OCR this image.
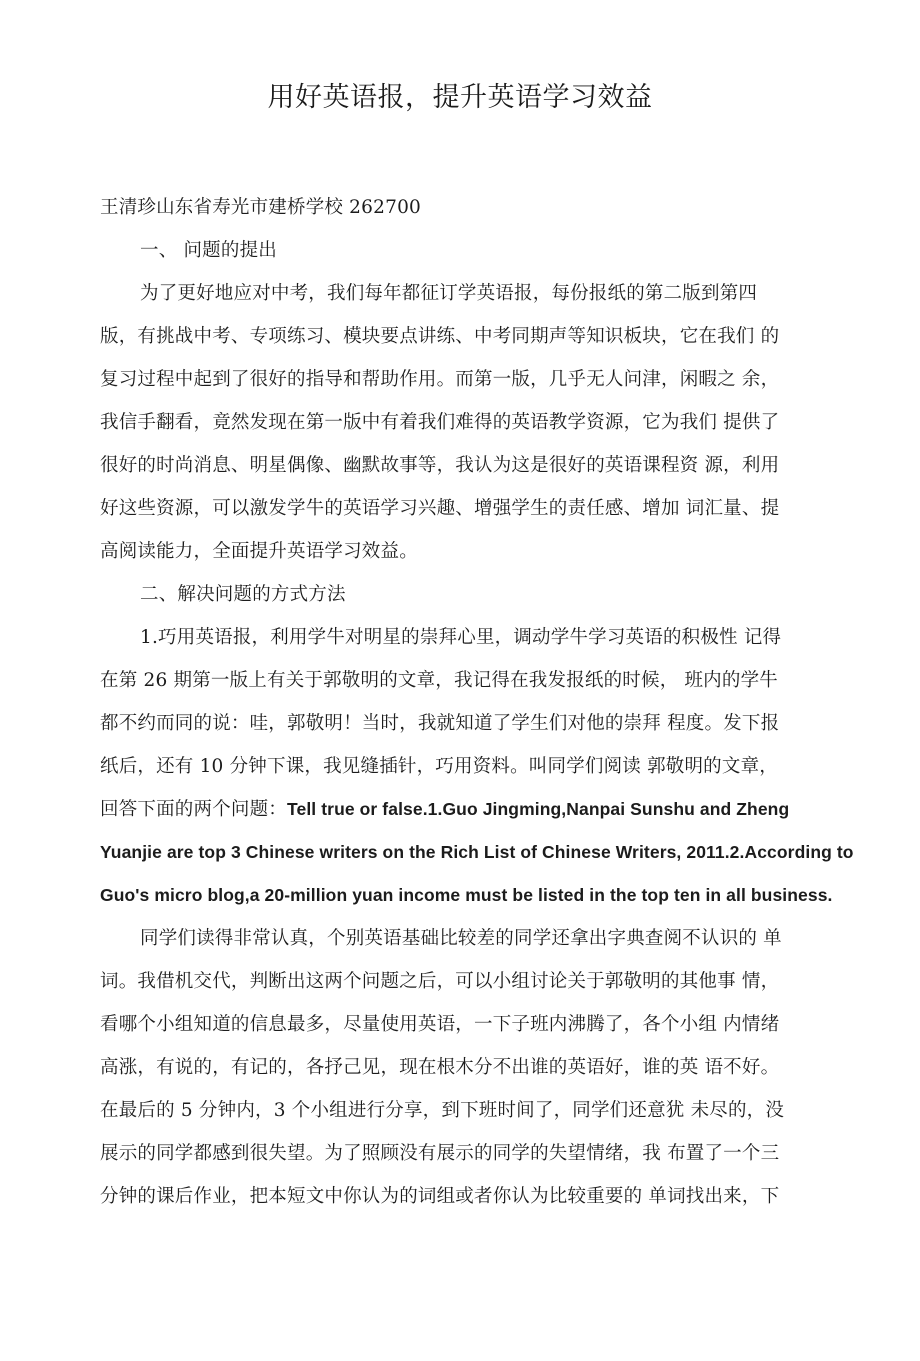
用好英语报，提升英语学习效益
王清珍山东省寿光市建桥学校 262700
一、 问题的提出
为了更好地应对中考，我们每年都征订学英语报，每份报纸的第二版到第四
版，有挑战中考、专项练习、模块要点讲练、中考同期声等知识板块，它在我们 的
复习过程中起到了很好的指导和帮助作用。而第一版，几乎无人问津，闲暇之 余，
我信手翻看，竟然发现在第一版中有着我们难得的英语教学资源，它为我们 提供了
很好的时尚消息、明星偶像、幽默故事等，我认为这是很好的英语课程资 源，利用
好这些资源，可以激发学牛的英语学习兴趣、增强学生的责任感、增加 词汇量、提
高阅读能力，全面提升英语学习效益。
二、解决问题的方式方法
1.巧用英语报，利用学牛对明星的崇拜心里，调动学牛学习英语的积极性 记得
在第 26 期第一版上有关于郭敬明的文章，我记得在我发报纸的时候， 班内的学牛
都不约而同的说：哇，郭敬明！当时，我就知道了学生们对他的崇拜 程度。发下报
纸后，还有 10 分钟下课，我见缝插针，巧用资料。叫同学们阅读 郭敬明的文章，
回答下面的两个问题：Tell true or false.1.Guo Jingming,Nanpai Sunshu and Zheng
Yuanjie are top 3 Chinese writers on the Rich List of Chinese Writers, 2011.2.According to
Guo's micro blog,a 20-million yuan income must be listed in the top ten in all business.
同学们读得非常认真，个别英语基础比较差的同学还拿出字典查阅不认识的 单
词。我借机交代，判断出这两个问题之后，可以小组讨论关于郭敬明的其他事 情，
看哪个小组知道的信息最多，尽量使用英语，一下子班内沸腾了，各个小组 内情绪
高涨，有说的，有记的，各抒己见，现在根木分不出谁的英语好，谁的英 语不好。
在最后的 5 分钟内，3 个小组进行分享，到下班时间了，同学们还意犹 未尽的，没
展示的同学都感到很失望。为了照顾没有展示的同学的失望情绪，我 布置了一个三
分钟的课后作业，把本短文中你认为的词组或者你认为比较重要的 单词找出来，下
